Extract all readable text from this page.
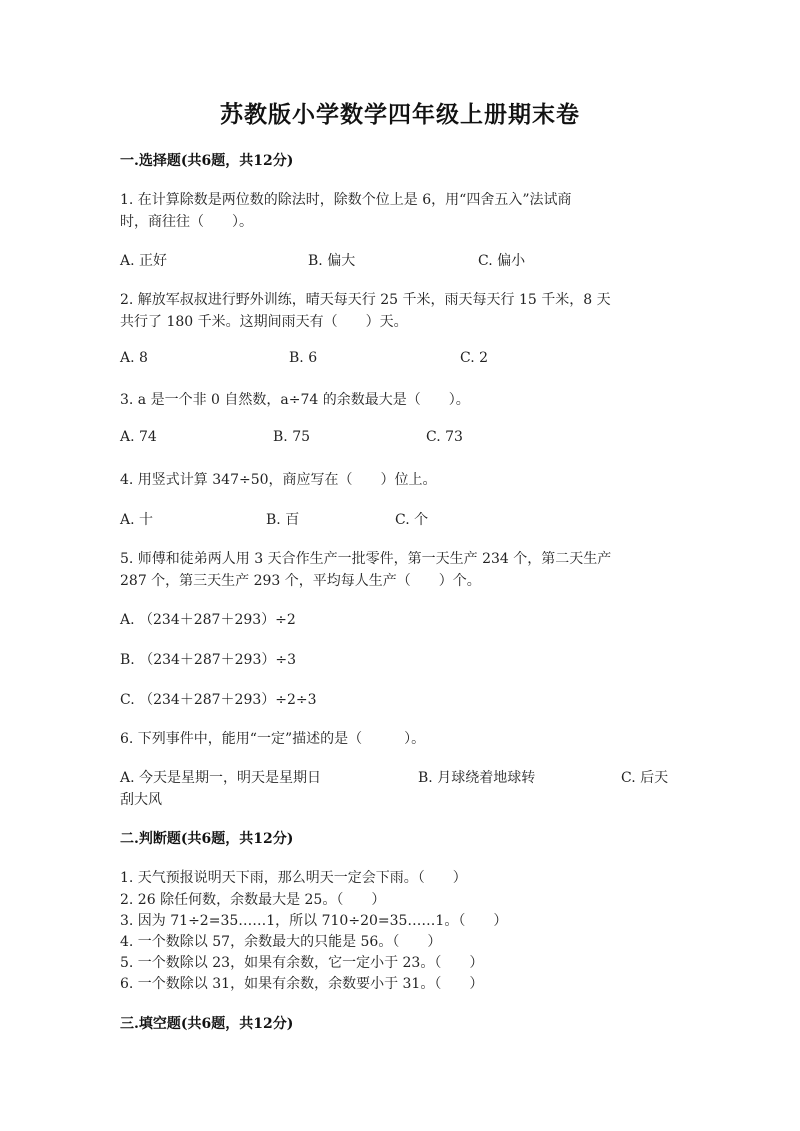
苏教版小学数学四年级上册期末卷
一.选择题(共6题，共12分)
1. 在计算除数是两位数的除法时，除数个位上是 6，用“四舍五入”法试商
时，商往往（　　）。
A. 正好	B. 偏大	C. 偏小
2. 解放军叔叔进行野外训练，晴天每天行 25 千米，雨天每天行 15 千米，8 天
共行了 180 千米。这期间雨天有（　　）天。
A. 8	B. 6	C. 2
3. a 是一个非 0 自然数，a÷74 的余数最大是（　　）。
A. 74	B. 75	C. 73
4. 用竖式计算 347÷50，商应写在（　　）位上。
A. 十	B. 百	C. 个
5. 师傅和徒弟两人用 3 天合作生产一批零件，第一天生产 234 个，第二天生产
287 个，第三天生产 293 个，平均每人生产（　　）个。
A. （234＋287＋293）÷2
B. （234＋287＋293）÷3
C. （234＋287＋293）÷2÷3
6. 下列事件中，能用“一定”描述的是（　　　）。
A. 今天是星期一，明天是星期日	B. 月球绕着地球转	C. 后天
刮大风
二.判断题(共6题，共12分)
1. 天气预报说明天下雨，那么明天一定会下雨。（　　）
2. 26 除任何数，余数最大是 25。（　　）
3. 因为 71÷2=35……1，所以 710÷20=35……1。（　　）
4. 一个数除以 57，余数最大的只能是 56。（　　）
5. 一个数除以 23，如果有余数，它一定小于 23。（　　）
6. 一个数除以 31，如果有余数，余数要小于 31。（　　）
三.填空题(共6题，共12分)
